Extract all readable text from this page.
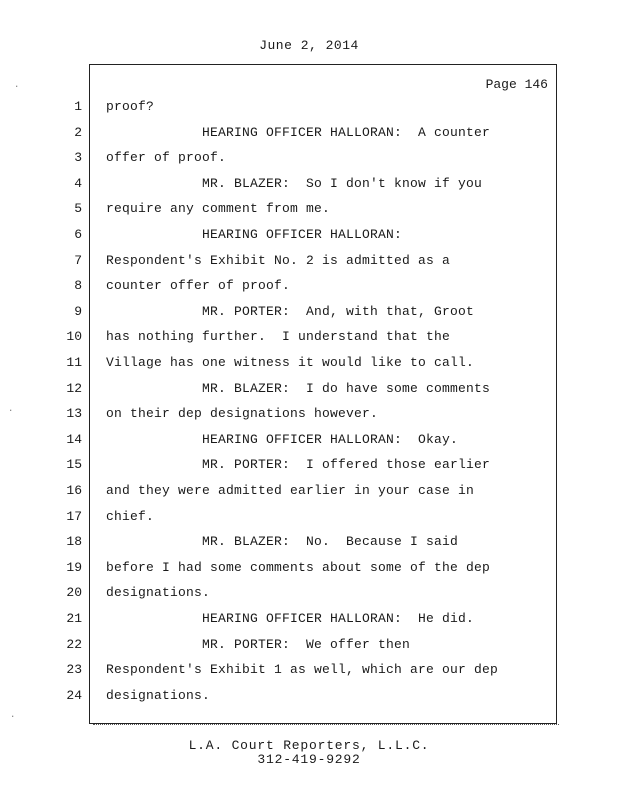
June 2, 2014
Page 146
1 proof?
2 HEARING OFFICER HALLORAN:  A counter
3 offer of proof.
4 MR. BLAZER:  So I don't know if you
5 require any comment from me.
6 HEARING OFFICER HALLORAN:
7 Respondent's Exhibit No. 2 is admitted as a
8 counter offer of proof.
9 MR. PORTER:  And, with that, Groot
10 has nothing further.  I understand that the
11 Village has one witness it would like to call.
12 MR. BLAZER:  I do have some comments
13 on their dep designations however.
14 HEARING OFFICER HALLORAN:  Okay.
15 MR. PORTER:  I offered those earlier
16 and they were admitted earlier in your case in
17 chief.
18 MR. BLAZER:  No.  Because I said
19 before I had some comments about some of the dep
20 designations.
21 HEARING OFFICER HALLORAN:  He did.
22 MR. PORTER:  We offer then
23 Respondent's Exhibit 1 as well, which are our dep
24 designations.
L.A. Court Reporters, L.L.C.
312-419-9292
·
·
·
